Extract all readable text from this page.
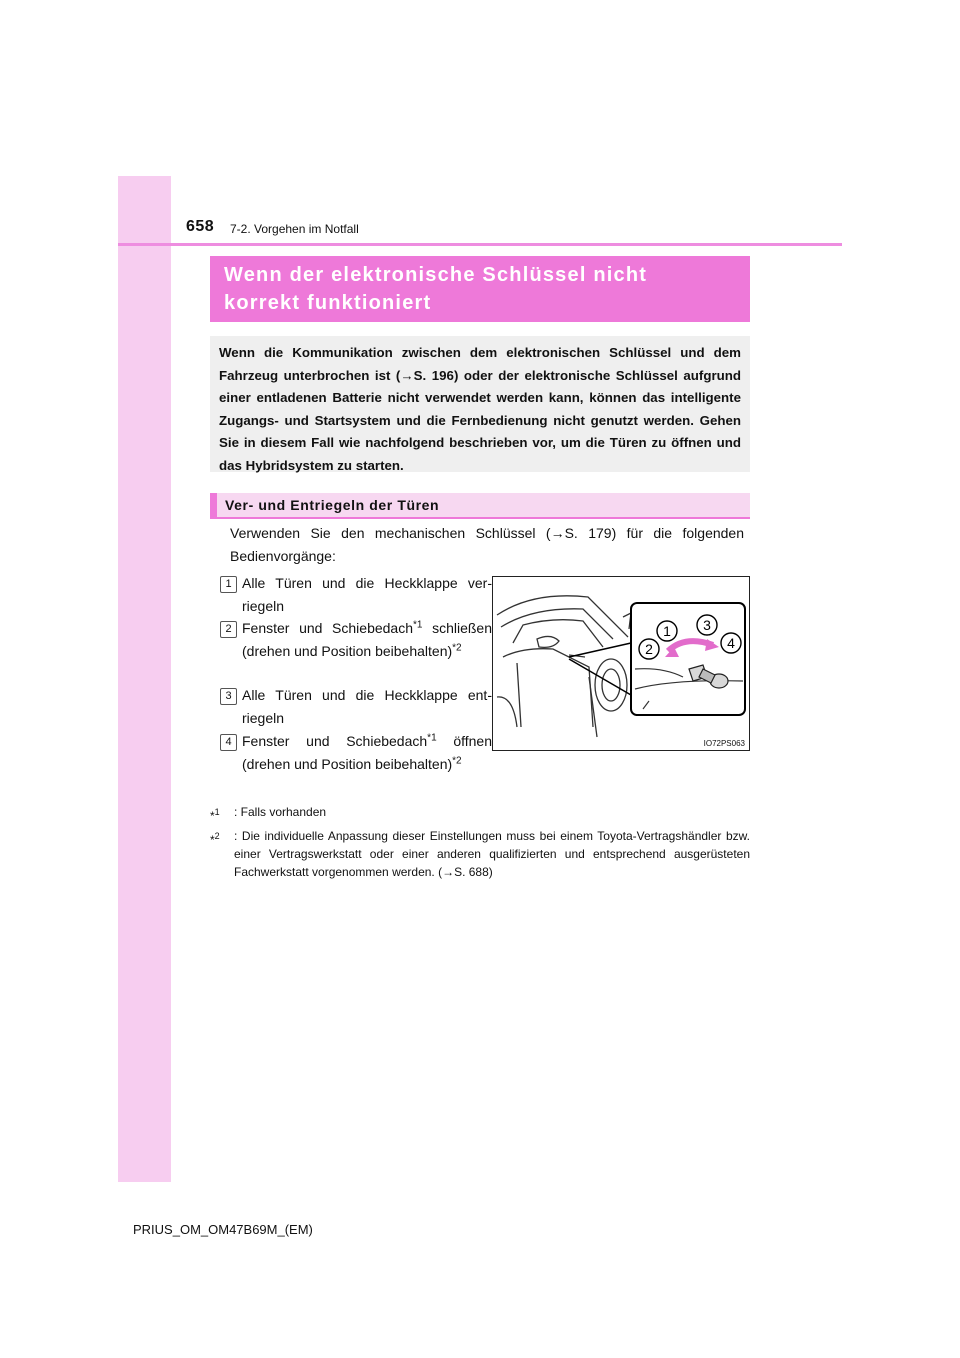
658 7-2. Vorgehen im Notfall
Wenn der elektronische Schlüssel nicht
korrekt funktioniert
Wenn die Kommunikation zwischen dem elektronischen Schlüssel und dem Fahrzeug unterbrochen ist (→S. 196) oder der elektronische Schlüssel aufgrund einer entladenen Batterie nicht verwendet werden kann, können das intelligente Zugangs- und Startsystem und die Fernbedienung nicht genutzt werden. Gehen Sie in diesem Fall wie nachfolgend beschrieben vor, um die Türen zu öffnen und das Hybridsystem zu starten.
Ver- und Entriegeln der Türen
Verwenden Sie den mechanischen Schlüssel (→S. 179) für die folgenden Bedienvorgänge:
1 Alle Türen und die Heckklappe verriegeln
2 Fenster und Schiebedach$^{*1}$ schließen (drehen und Position beibehalten)$^{*2}$
3 Alle Türen und die Heckklappe entriegeln
4 Fenster und Schiebedach$^{*1}$ öffnen (drehen und Position beibehalten)$^{*2}$
1
2
3
4
IO72PS063
*$^1$ : Falls vorhanden
*$^2$ : Die individuelle Anpassung dieser Einstellungen muss bei einem Toyota-Vertragshändler bzw. einer Vertragswerkstatt oder einer anderen qualifizierten und entsprechend ausgerüsteten Fachwerkstatt vorgenommen werden. (→S. 688)
PRIUS_OM_OM47B69M_(EM)
